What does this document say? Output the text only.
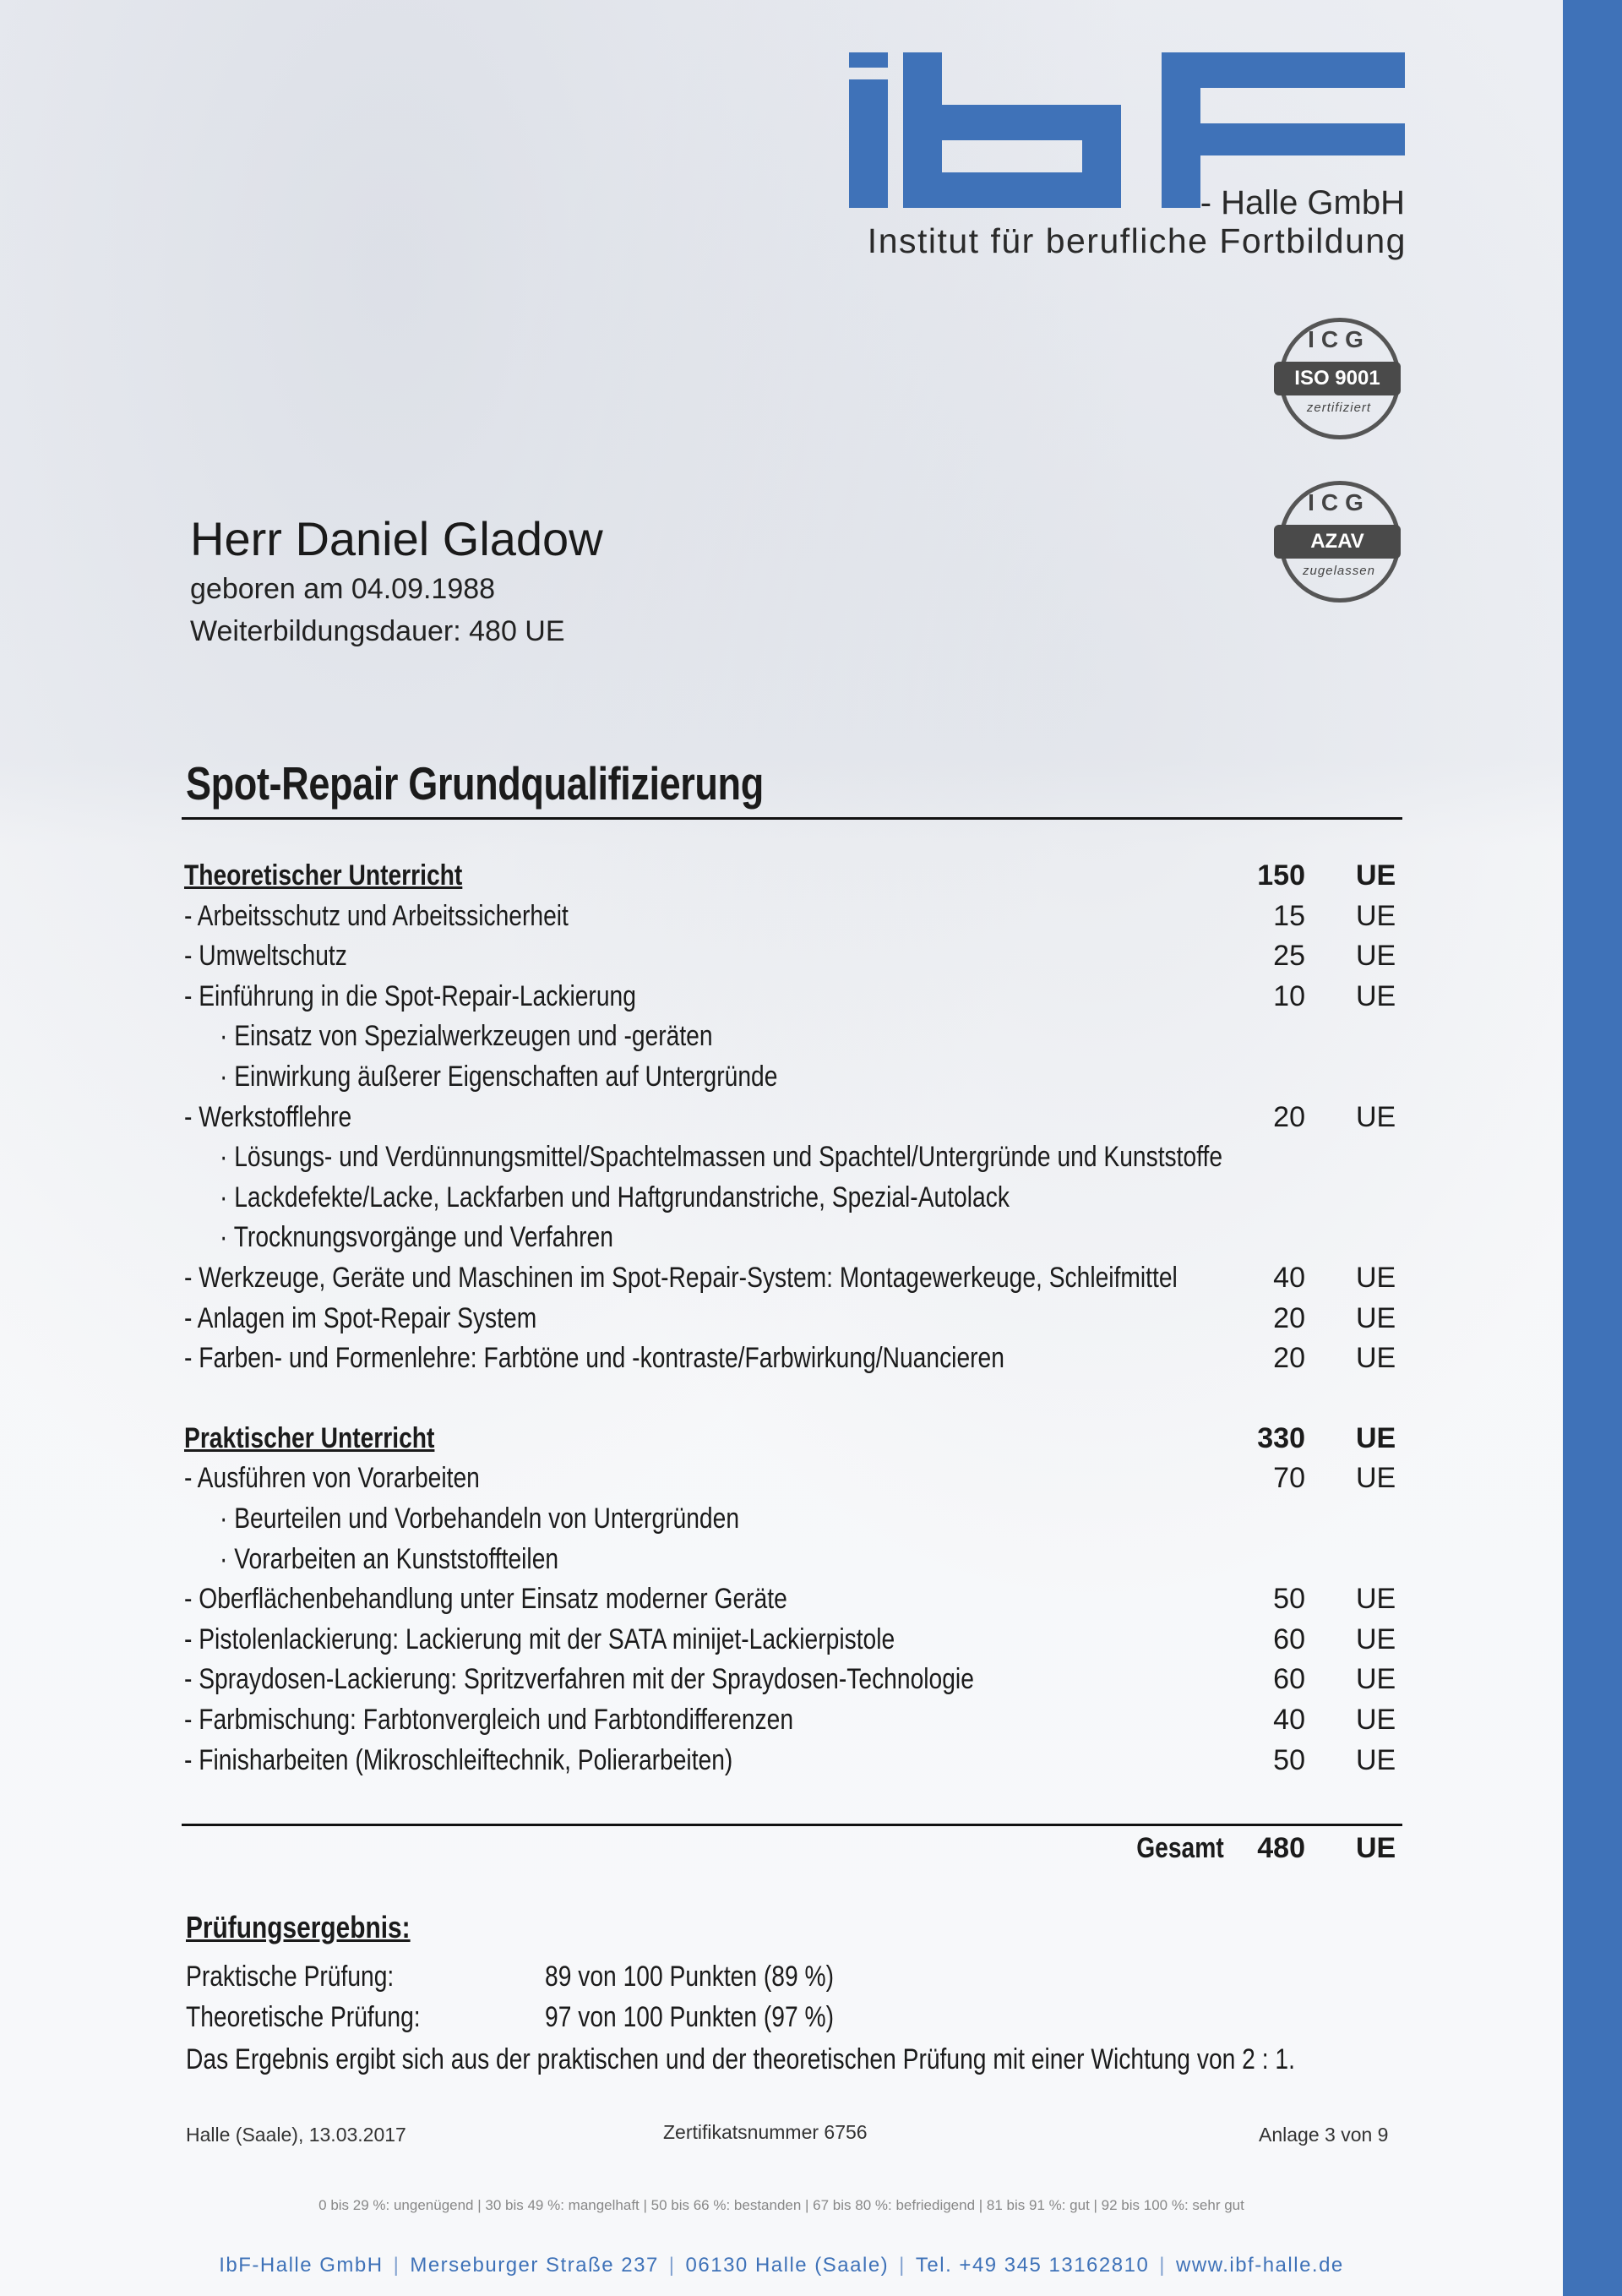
- Halle GmbH
Institut für berufliche Fortbildung
ICG
ISO 9001
zertifiziert
ICG
AZAV
zugelassen
Herr Daniel Gladow
geboren am 04.09.1988
Weiterbildungsdauer: 480 UE
Spot-Repair Grundqualifizierung
Theoretischer Unterricht	150 UE
- Arbeitsschutz und Arbeitssicherheit	15 UE
- Umweltschutz	25 UE
- Einführung in die Spot-Repair-Lackierung	10 UE
· Einsatz von Spezialwerkzeugen und -geräten
· Einwirkung äußerer Eigenschaften auf Untergründe
- Werkstofflehre	20 UE
· Lösungs- und Verdünnungsmittel/Spachtelmassen und Spachtel/Untergründe und Kunststoffe
· Lackdefekte/Lacke, Lackfarben und Haftgrundanstriche, Spezial-Autolack
· Trocknungsvorgänge und Verfahren
- Werkzeuge, Geräte und Maschinen im Spot-Repair-System: Montagewerkeuge, Schleifmittel	40 UE
- Anlagen im Spot-Repair System	20 UE
- Farben- und Formenlehre: Farbtöne und -kontraste/Farbwirkung/Nuancieren	20 UE
Praktischer Unterricht	330 UE
- Ausführen von Vorarbeiten	70 UE
· Beurteilen und Vorbehandeln von Untergründen
· Vorarbeiten an Kunststoffteilen
- Oberflächenbehandlung unter Einsatz moderner Geräte	50 UE
- Pistolenlackierung: Lackierung mit der SATA minijet-Lackierpistole	60 UE
- Spraydosen-Lackierung: Spritzverfahren mit der Spraydosen-Technologie	60 UE
- Farbmischung: Farbtonvergleich und Farbtondifferenzen	40 UE
- Finisharbeiten (Mikroschleiftechnik, Polierarbeiten)	50 UE
Gesamt	480 UE
Prüfungsergebnis:
Praktische Prüfung:	89 von 100 Punkten (89 %)
Theoretische Prüfung:	97 von 100 Punkten (97 %)
Das Ergebnis ergibt sich aus der praktischen und der theoretischen Prüfung mit einer Wichtung von 2 : 1.
Halle (Saale), 13.03.2017	Zertifikatsnummer 6756	Anlage 3 von 9
0 bis 29 %: ungenügend | 30 bis 49 %: mangelhaft | 50 bis 66 %: bestanden | 67 bis 80 %: befriedigend | 81 bis 91 %: gut | 92 bis 100 %: sehr gut
IbF-Halle GmbH | Merseburger Straße 237 | 06130 Halle (Saale) | Tel. +49 345 13162810 | www.ibf-halle.de
